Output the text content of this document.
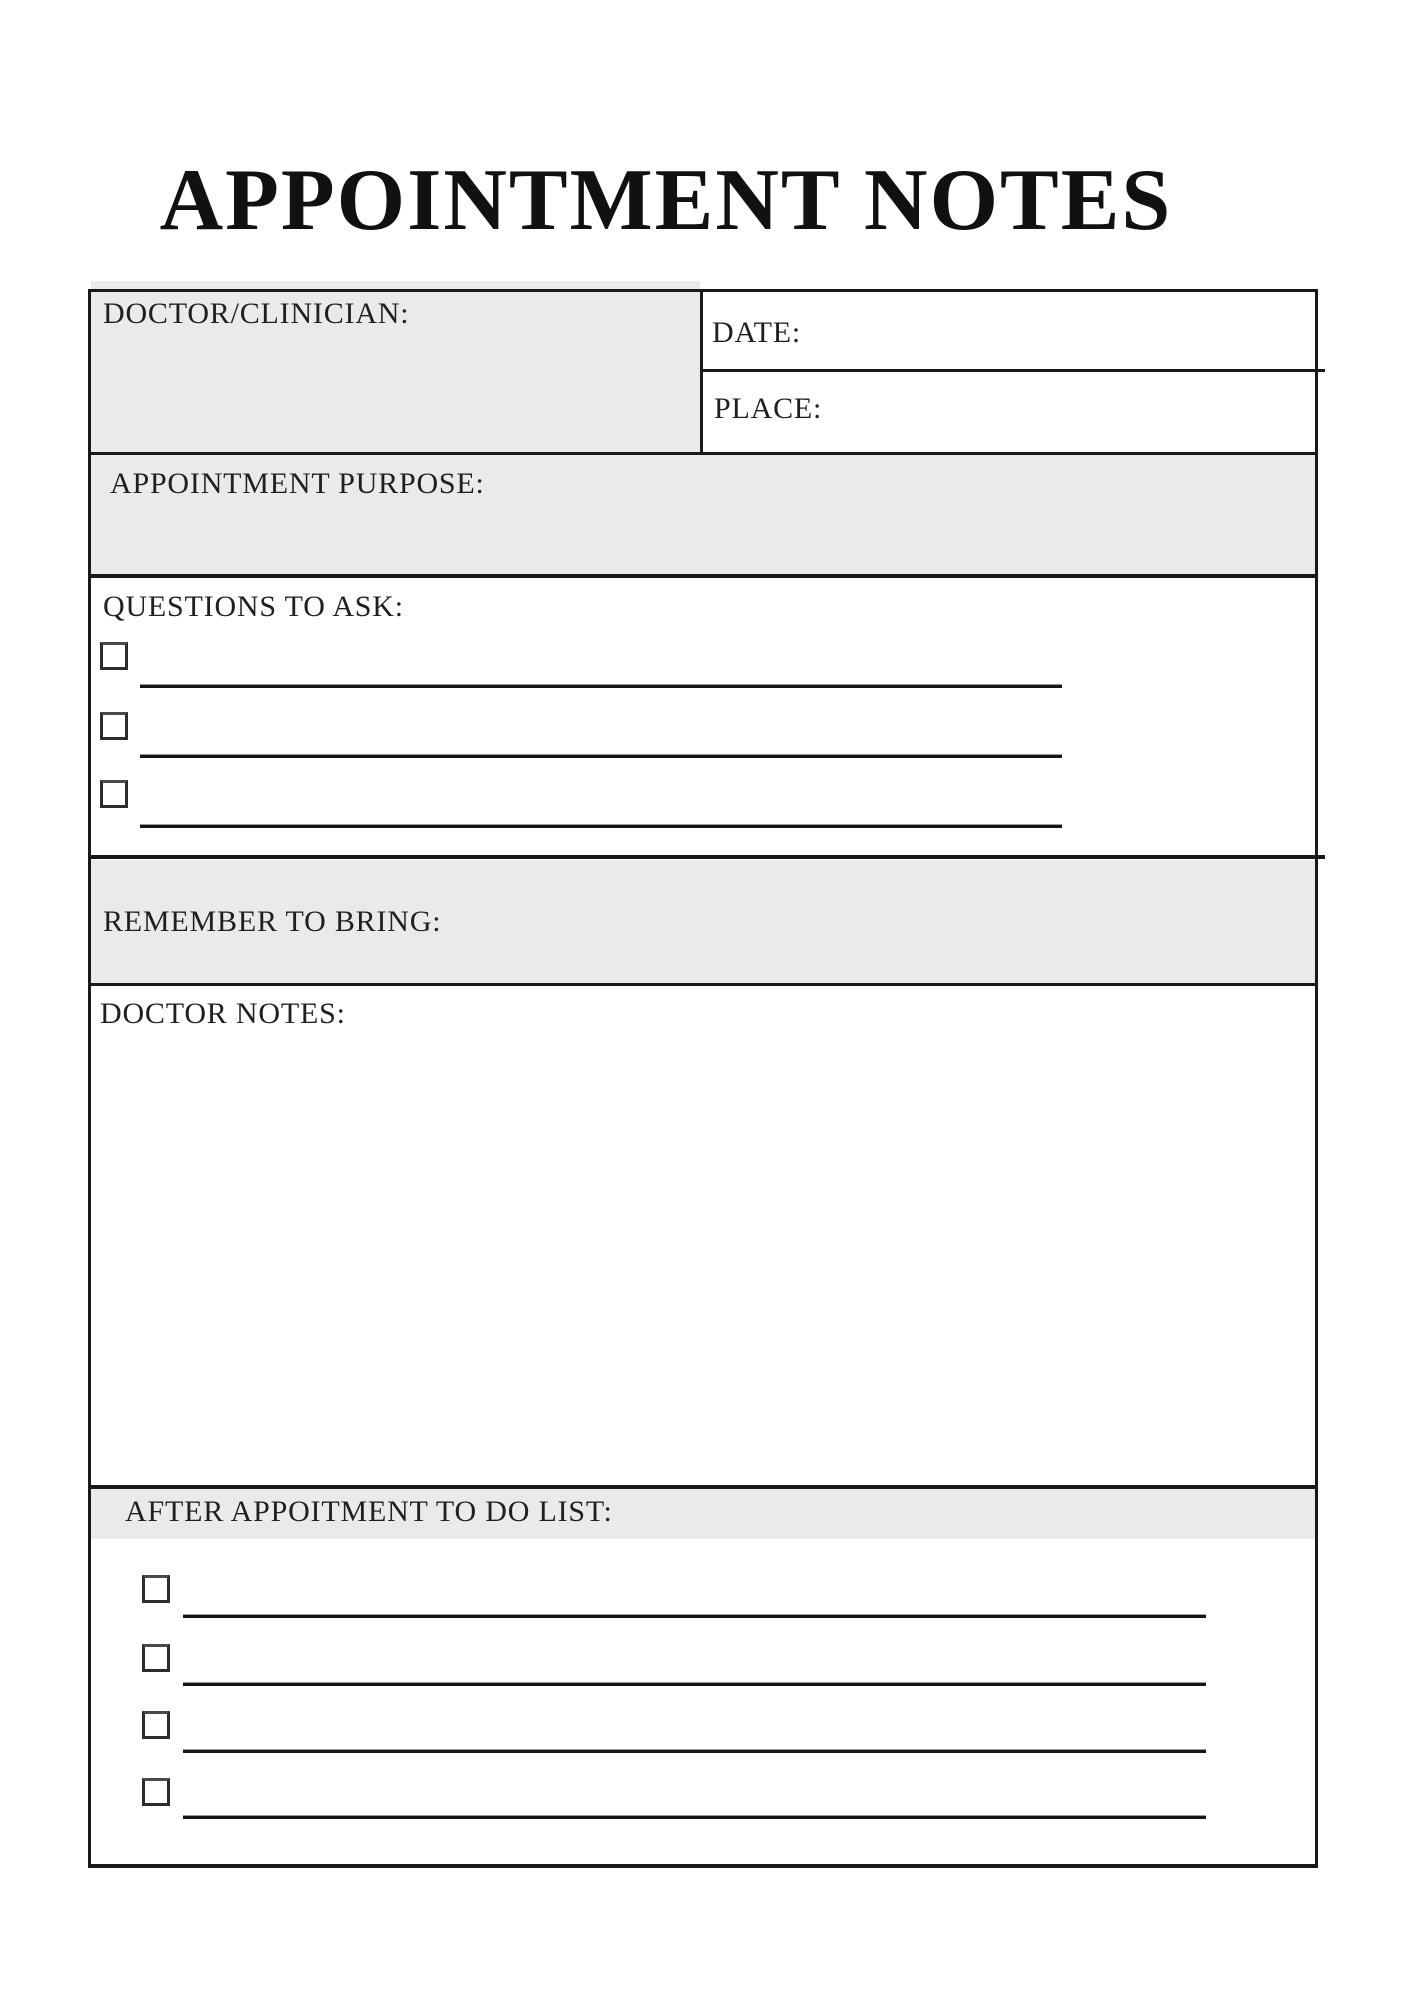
APPOINTMENT NOTES
DOCTOR/CLINICIAN:
DATE:
PLACE:
APPOINTMENT PURPOSE:
QUESTIONS TO ASK:
REMEMBER TO BRING:
DOCTOR NOTES:
AFTER APPOITMENT TO DO LIST:
